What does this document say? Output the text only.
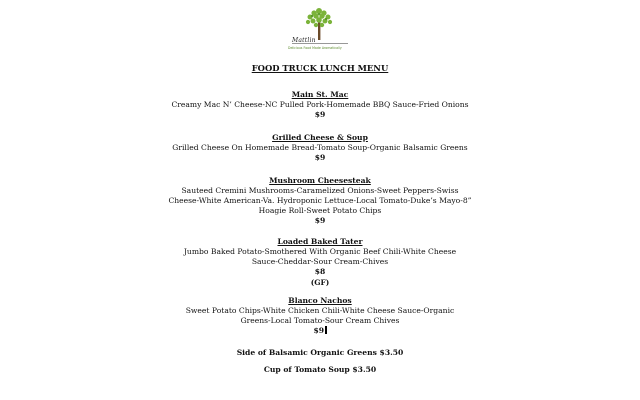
Mattlin
Delicious Food Made Aromatically
FOOD TRUCK LUNCH MENU
Main St. Mac
Creamy Mac N’ Cheese-NC Pulled Pork-Homemade BBQ Sauce-Fried Onions
$9
Grilled Cheese & Soup
Grilled Cheese On Homemade Bread-Tomato Soup-Organic Balsamic Greens
$9
Mushroom Cheesesteak
Sauteed Cremini Mushrooms-Caramelized Onions-Sweet Peppers-Swiss
Cheese-White American-Va. Hydroponic Lettuce-Local Tomato-Duke’s Mayo-8”
Hoagie Roll-Sweet Potato Chips
$9
Loaded Baked Tater
Jumbo Baked Potato-Smothered With Organic Beef Chili-White Cheese
Sauce-Cheddar-Sour Cream-Chives
$8
(GF)
Blanco Nachos
Sweet Potato Chips-White Chicken Chili-White Cheese Sauce-Organic
Greens-Local Tomato-Sour Cream Chives
$9
Side of Balsamic Organic Greens $3.50
Cup of Tomato Soup $3.50
